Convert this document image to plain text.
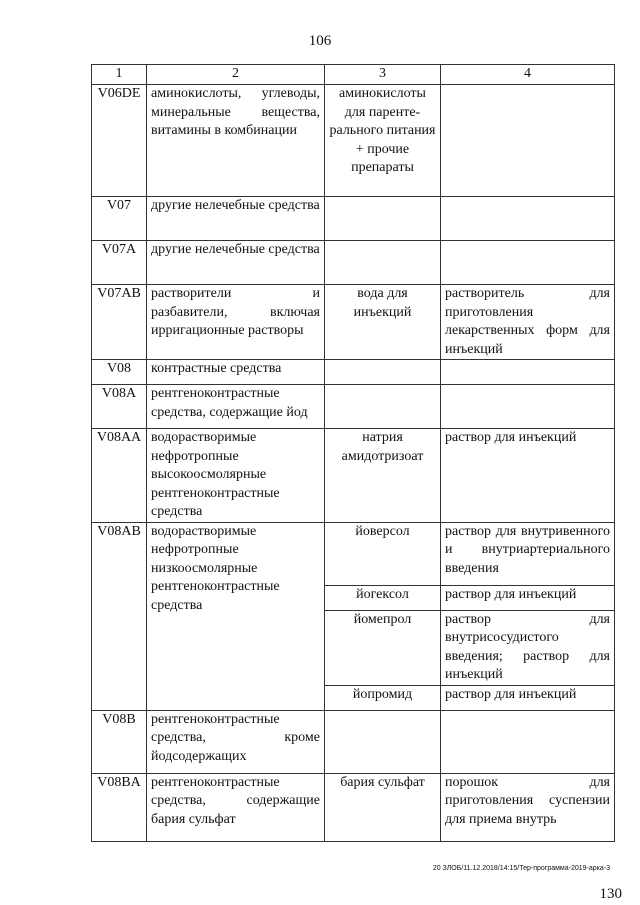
106
1	2	3	4
V06DE	аминокислоты, углеводы, минеральные вещества, витамины в комбинации	аминокислоты для паренте-рального питания + прочие препараты	
V07	другие нелечебные средства		
V07A	другие нелечебные средства		
V07AB	растворители и разбавители, включая ирригационные растворы	вода для инъекций	растворитель для приготовления лекарственных форм для инъекций
V08	контрастные средства		
V08A	рентгеноконтрастные средства, содержащие йод		
V08AA	водорастворимые нефротропные высокоосмолярные рентгеноконтрастные средства	натрия амидотризоат	раствор для инъекций
V08AB	водорастворимые нефротропные низкоосмолярные рентгеноконтрастные средства	йоверсол	раствор для внутривенного и внутриартериального введения
		йогексол	раствор для инъекций
		йомепрол	раствор для внутрисосудистого введения; раствор для инъекций
		йопромид	раствор для инъекций
V08B	рентгеноконтрастные средства, кроме йодсодержащих		
V08BA	рентгеноконтрастные средства, содержащие бария сульфат	бария сульфат	порошок для приготовления суспензии для приема внутрь
20 ЗЛОБ/11.12.2018/14:15/Тер-программа-2019-арка-3
130
